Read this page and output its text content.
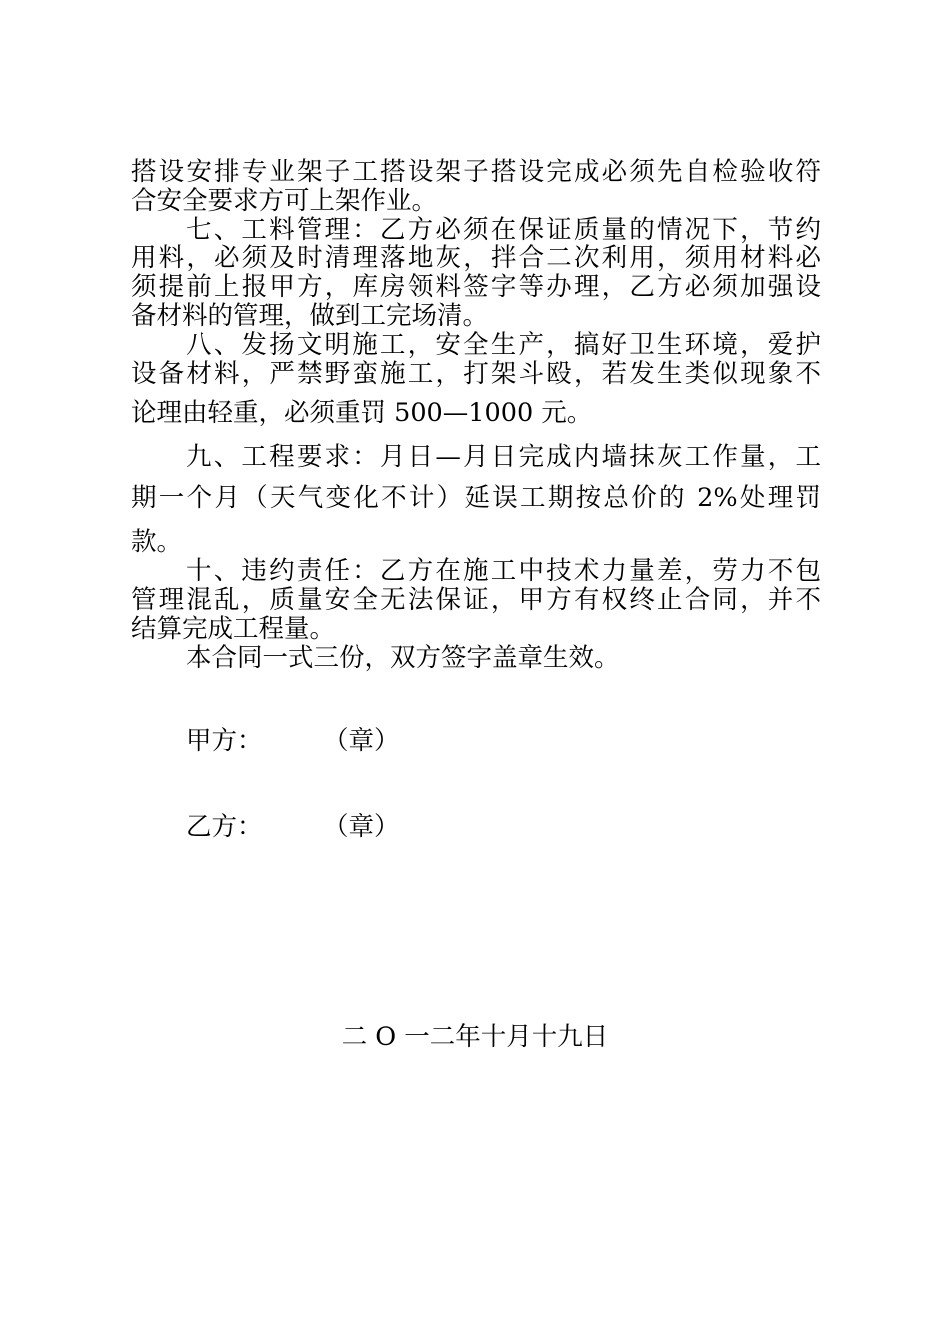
搭设安排专业架子工搭设架子搭设完成必须先自检验收符
合安全要求方可上架作业。
七、工料管理：乙方必须在保证质量的情况下，节约
用料，必须及时清理落地灰，拌合二次利用，须用材料必
须提前上报甲方，库房领料签字等办理，乙方必须加强设
备材料的管理，做到工完场清。
八、发扬文明施工，安全生产，搞好卫生环境，爱护
设备材料，严禁野蛮施工，打架斗殴，若发生类似现象不
论理由轻重，必须重罚 500—1000 元。
九、工程要求：月日—月日完成内墙抹灰工作量，工
期一个月（天气变化不计）延误工期按总价的 2%处理罚
款。
十、违约责任：乙方在施工中技术力量差，劳力不包
管理混乱，质量安全无法保证，甲方有权终止合同，并不
结算完成工程量。
本合同一式三份，双方签字盖章生效。
甲方： （章）
乙方： （章）
二 O 一二年十月十九日
